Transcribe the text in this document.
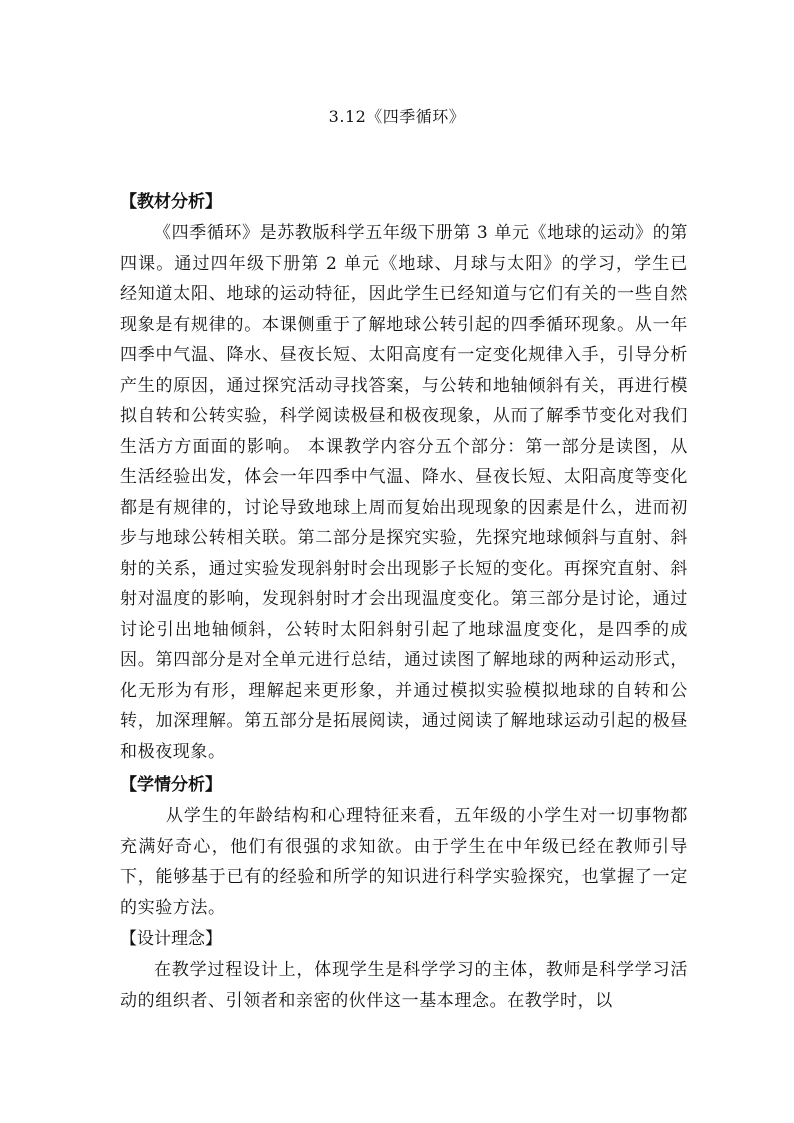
3.12《四季循环》
【教材分析】

《四季循环》是苏教版科学五年级下册第 3 单元《地球的运动》的第四课。通过四年级下册第 2 单元《地球、月球与太阳》的学习，学生已经知道太阳、地球的运动特征，因此学生已经知道与它们有关的一些自然现象是有规律的。本课侧重于了解地球公转引起的四季循环现象。从一年四季中气温、降水、昼夜长短、太阳高度有一定变化规律入手，引导分析产生的原因，通过探究活动寻找答案，与公转和地轴倾斜有关，再进行模拟自转和公转实验，科学阅读极昼和极夜现象，从而了解季节变化对我们生活方方面面的影响。 本课教学内容分五个部分：第一部分是读图，从生活经验出发，体会一年四季中气温、降水、昼夜长短、太阳高度等变化都是有规律的，讨论导致地球上周而复始出现现象的因素是什么，进而初步与地球公转相关联。第二部分是探究实验，先探究地球倾斜与直射、斜射的关系，通过实验发现斜射时会出现影子长短的变化。再探究直射、斜射对温度的影响，发现斜射时才会出现温度变化。第三部分是讨论，通过讨论引出地轴倾斜，公转时太阳斜射引起了地球温度变化，是四季的成因。第四部分是对全单元进行总结，通过读图了解地球的两种运动形式，化无形为有形，理解起来更形象，并通过模拟实验模拟地球的自转和公转，加深理解。第五部分是拓展阅读，通过阅读了解地球运动引起的极昼和极夜现象。

【学情分析】

从学生的年龄结构和心理特征来看，五年级的小学生对一切事物都充满好奇心，他们有很强的求知欲。由于学生在中年级已经在教师引导下，能够基于已有的经验和所学的知识进行科学实验探究，也掌握了一定的实验方法。

【设计理念】

在教学过程设计上，体现学生是科学学习的主体，教师是科学学习活动的组织者、引领者和亲密的伙伴这一基本理念。在教学时，以
